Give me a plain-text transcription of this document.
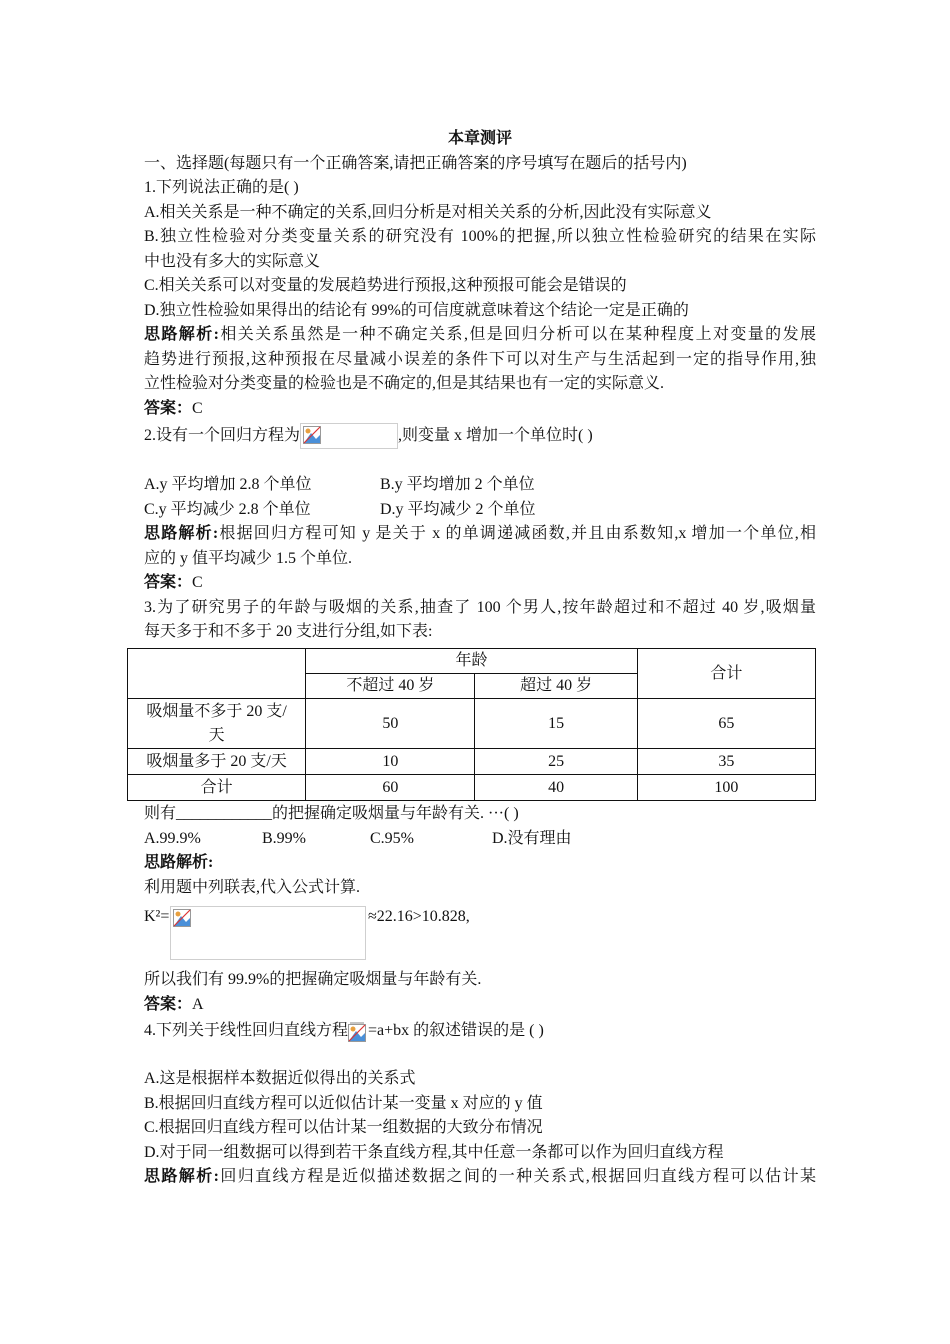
本章测评
一、选择题(每题只有一个正确答案,请把正确答案的序号填写在题后的括号内)
1.下列说法正确的是( )
A.相关关系是一种不确定的关系,回归分析是对相关关系的分析,因此没有实际意义
B.独立性检验对分类变量关系的研究没有 100%的把握,所以独立性检验研究的结果在实际
中也没有多大的实际意义
C.相关关系可以对变量的发展趋势进行预报,这种预报可能会是错误的
D.独立性检验如果得出的结论有 99%的可信度就意味着这个结论一定是正确的
思路解析:相关关系虽然是一种不确定关系,但是回归分析可以在某种程度上对变量的发展
趋势进行预报,这种预报在尽量减小误差的条件下可以对生产与生活起到一定的指导作用,独
立性检验对分类变量的检验也是不确定的,但是其结果也有一定的实际意义.
答案：C
2.设有一个回归方程为	,则变量 x 增加一个单位时( )
A.y 平均增加 2.8 个单位	B.y 平均增加 2 个单位
C.y 平均减少 2.8 个单位	D.y 平均减少 2 个单位
思路解析:根据回归方程可知 y 是关于 x 的单调递减函数,并且由系数知,x 增加一个单位,相
应的 y 值平均减少 1.5 个单位.
答案：C
3.为了研究男子的年龄与吸烟的关系,抽查了 100 个男人,按年龄超过和不超过 40 岁,吸烟量
每天多于和不多于 20 支进行分组,如下表:
	年龄		合计
	不超过 40 岁	超过 40 岁	

吸烟量不多于 20 支/
天	50	15	65
吸烟量多于 20 支/天	10	25	35
合计	60	40	100
则有____________的把握确定吸烟量与年龄有关. ···( )
A.99.9%	B.99%	C.95%	D.没有理由
思路解析:
利用题中列联表,代入公式计算.
K²=	≈22.16>10.828,
所以我们有 99.9%的把握确定吸烟量与年龄有关.
答案：A
4.下列关于线性回归直线方程 =a+bx 的叙述错误的是 ( )
A.这是根据样本数据近似得出的关系式
B.根据回归直线方程可以近似估计某一变量 x 对应的 y 值
C.根据回归直线方程可以估计某一组数据的大致分布情况
D.对于同一组数据可以得到若干条直线方程,其中任意一条都可以作为回归直线方程
思路解析:回归直线方程是近似描述数据之间的一种关系式,根据回归直线方程可以估计某
